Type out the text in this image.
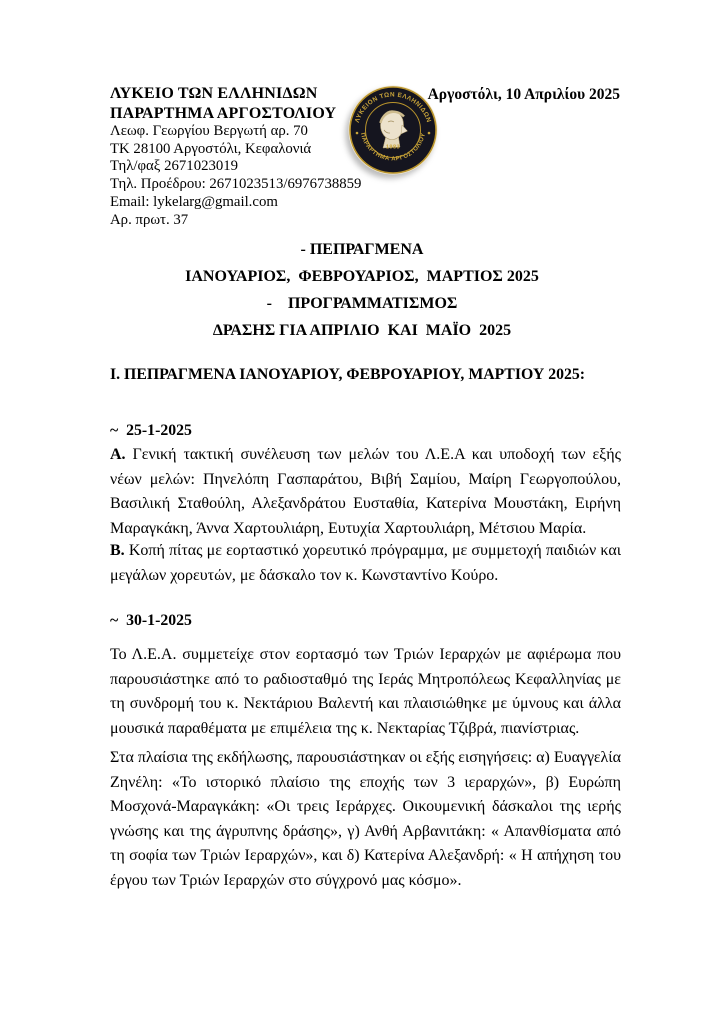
ΛΥΚΕΙΟ ΤΩΝ ΕΛΛΗΝΙΔΩΝ
ΠΑΡΑΡΤΗΜΑ ΑΡΓΟΣΤΟΛΙΟΥ
Λεωφ. Γεωργίου Βεργωτή αρ. 70
ΤΚ 28100 Αργοστόλι, Κεφαλονιά
Τηλ/φαξ 2671023019
Τηλ. Προέδρου: 2671023513/6976738859
Email: lykelarg@gmail.com
Αρ. πρωτ. 37
Αργοστόλι, 10 Απριλίου 2025
ΛΥΚΕΙΟΝ ΤΩΝ ΕΛΛΗΝΙΔΩΝ
ΠΑΡΑΡΤΗΜΑ ΑΡΓΟΣΤΟΛΙΟΥ
1983
- ΠΕΠΡΑΓΜΕΝΑ
ΙΑΝΟΥΑΡΙΟΣ,  ΦΕΒΡΟΥΑΡΙΟΣ,  ΜΑΡΤΙΟΣ 2025
-    ΠΡΟΓΡΑΜΜΑΤΙΣΜΟΣ
ΔΡΑΣΗΣ ΓΙΑ ΑΠΡΙΛΙΟ  ΚΑΙ  ΜΑΪΟ  2025
Ι. ΠΕΠΡΑΓΜΕΝΑ ΙΑΝΟΥΑΡΙΟΥ, ΦΕΒΡΟΥΑΡΙΟΥ, ΜΑΡΤΙΟΥ 2025:
~  25-1-2025

Α. Γενική τακτική συνέλευση των μελών του Λ.Ε.Α και υποδοχή των εξής νέων μελών: Πηνελόπη Γασπαράτου, Βιβή Σαμίου, Μαίρη Γεωργοπούλου, Βασιλική Σταθούλη, Αλεξανδράτου Ευσταθία, Κατερίνα Μουστάκη, Ειρήνη Μαραγκάκη, Άννα Χαρτουλιάρη, Ευτυχία Χαρτουλιάρη, Μέτσιου Μαρία.

Β. Κοπή πίτας με εορταστικό χορευτικό πρόγραμμα, με συμμετοχή παιδιών και μεγάλων χορευτών, με δάσκαλο τον κ. Κωνσταντίνο Κούρο.

~  30-1-2025

Το Λ.Ε.Α. συμμετείχε στον εορτασμό των Τριών Ιεραρχών με αφιέρωμα που παρουσιάστηκε από το ραδιοσταθμό της Ιεράς Μητροπόλεως Κεφαλληνίας με τη συνδρομή του κ. Νεκτάριου Βαλεντή και πλαισιώθηκε με ύμνους και άλλα μουσικά παραθέματα με επιμέλεια της κ. Νεκταρίας Τζιβρά, πιανίστριας.

Στα πλαίσια της εκδήλωσης, παρουσιάστηκαν οι εξής εισηγήσεις: α) Ευαγγελία Ζηνέλη: «Το ιστορικό πλαίσιο της εποχής των 3 ιεραρχών», β) Ευρώπη Μοσχονά-Μαραγκάκη: «Οι τρεις Ιεράρχες. Οικουμενική δάσκαλοι της ιερής γνώσης και της άγρυπνης δράσης», γ) Ανθή Αρβανιτάκη: « Απανθίσματα από τη σοφία των Τριών Ιεραρχών», και δ) Κατερίνα Αλεξανδρή: « Η απήχηση του έργου των Τριών Ιεραρχών στο σύγχρονό μας κόσμο».
